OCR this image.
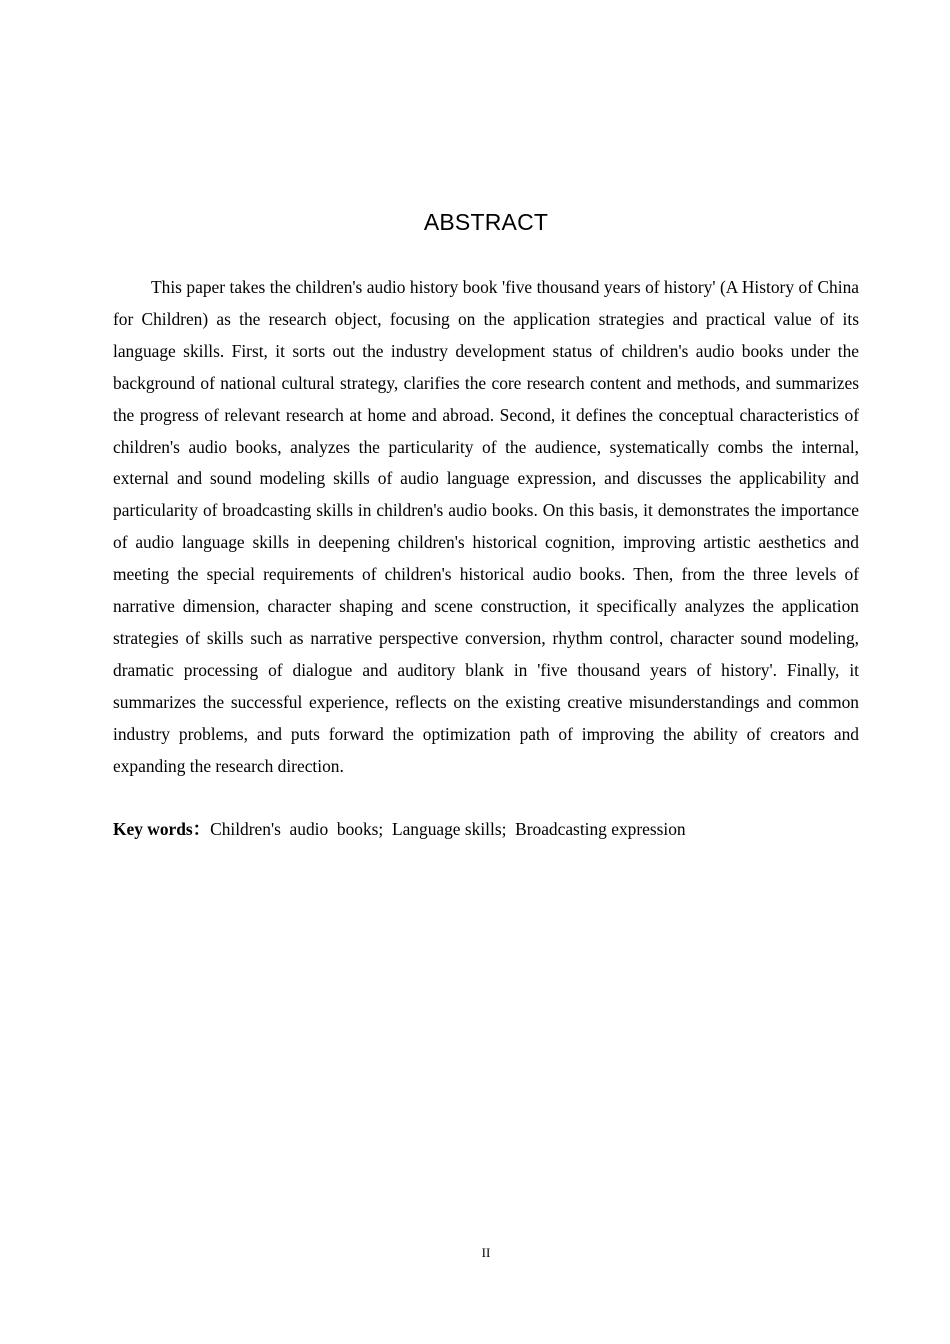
ABSTRACT

This paper takes the children's audio history book 'five thousand years of history' (A History of China for Children) as the research object, focusing on the application strategies and practical value of its language skills. First, it sorts out the industry development status of children's audio books under the background of national cultural strategy, clarifies the core research content and methods, and summarizes the progress of relevant research at home and abroad. Second, it defines the conceptual characteristics of children's audio books, analyzes the particularity of the audience, systematically combs the internal, external and sound modeling skills of audio language expression, and discusses the applicability and particularity of broadcasting skills in children's audio books. On this basis, it demonstrates the importance of audio language skills in deepening children's historical cognition, improving artistic aesthetics and meeting the special requirements of children's historical audio books. Then, from the three levels of narrative dimension, character shaping and scene construction, it specifically analyzes the application strategies of skills such as narrative perspective conversion, rhythm control, character sound modeling, dramatic processing of dialogue and auditory blank in 'five thousand years of history'. Finally, it summarizes the successful experience, reflects on the existing creative misunderstandings and common industry problems, and puts forward the optimization path of improving the ability of creators and expanding the research direction.

Key words：Children's  audio  books;  Language skills;  Broadcasting expression

II
